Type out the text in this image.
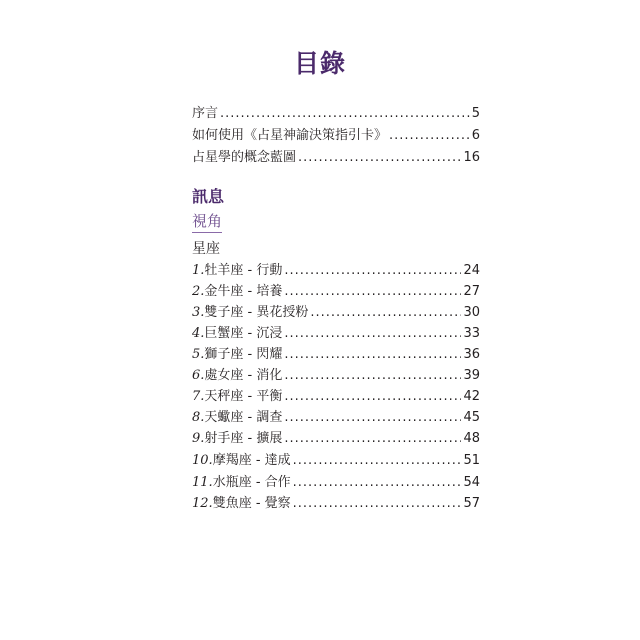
目錄
序言 .....	5
如何使用《占星神諭決策指引卡》 .....	6
占星學的概念藍圖 .....	16
訊息
視角
星座
1. 牡羊座 - 行動 .....	24
2. 金牛座 - 培養 .....	27
3. 雙子座 - 異花授粉 .....	30
4. 巨蟹座 - 沉浸 .....	33
5. 獅子座 - 閃耀 .....	36
6. 處女座 - 消化 .....	39
7. 天秤座 - 平衡 .....	42
8. 天蠍座 - 調查 .....	45
9. 射手座 - 擴展 .....	48
10. 摩羯座 - 達成 .....	51
11. 水瓶座 - 合作 .....	54
12. 雙魚座 - 覺察 .....	57
